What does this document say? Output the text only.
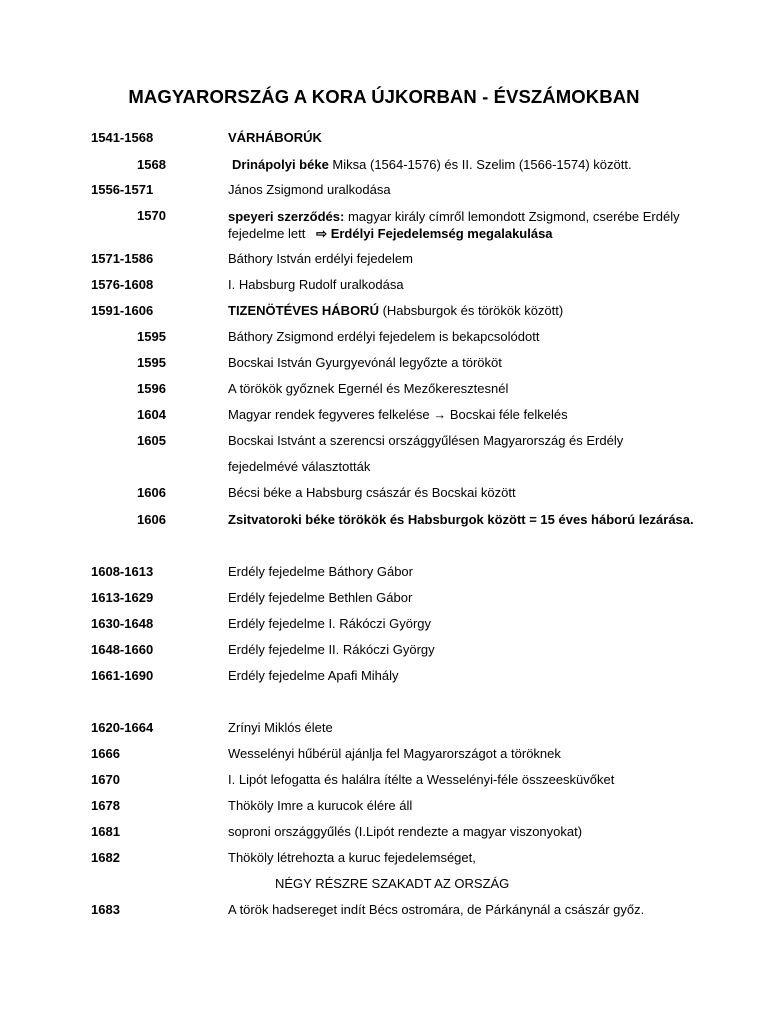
MAGYARORSZÁG A KORA ÚJKORBAN - ÉVSZÁMOKBAN
1541-1568	VÁRHÁBORÚK
1568	Drinápolyi béke Miksa (1564-1576) és II. Szelim (1566-1574) között.
1556-1571	János Zsigmond uralkodása
1570	speyeri szerződés: magyar király címről lemondott Zsigmond, cserébe Erdély fejedelme lett ⇨ Erdélyi Fejedelemség megalakulása
1571-1586	Báthory István erdélyi fejedelem
1576-1608	I. Habsburg Rudolf uralkodása
1591-1606	TIZENÖTÉVES HÁBORÚ (Habsburgok és törökök között)
1595	Báthory Zsigmond erdélyi fejedelem is bekapcsolódott
1595	Bocskai István Gyurgyevónál legyőzte a törököt
1596	A törökök győznek Egernél és Mezőkeresztesnél
1604	Magyar rendek fegyveres felkelése → Bocskai féle felkelés
1605	Bocskai Istvánt a szerencsi országgyűlésen Magyarország és Erdély
fejedelmévé választották
1606	Bécsi béke a Habsburg császár és Bocskai között
1606	Zsitvatoroki béke törökök és Habsburgok között = 15 éves háború lezárása.
1608-1613	Erdély fejedelme Báthory Gábor
1613-1629	Erdély fejedelme Bethlen Gábor
1630-1648	Erdély fejedelme I. Rákóczi György
1648-1660	Erdély fejedelme II. Rákóczi György
1661-1690	Erdély fejedelme Apafi Mihály
1620-1664	Zrínyi Miklós élete
1666	Wesselényi hűbérül ajánlja fel Magyarországot a töröknek
1670	I. Lipót lefogatta és halálra ítélte a Wesselényi-féle összeesküvőket
1678	Thököly Imre a kurucok élére áll
1681	soproni országgyűlés (I.Lipót rendezte a magyar viszonyokat)
1682	Thököly létrehozta a kuruc fejedelemséget,
NÉGY RÉSZRE SZAKADT AZ ORSZÁG
1683	A török hadsereget indít Bécs ostromára, de Párkánynál a császár győz.
